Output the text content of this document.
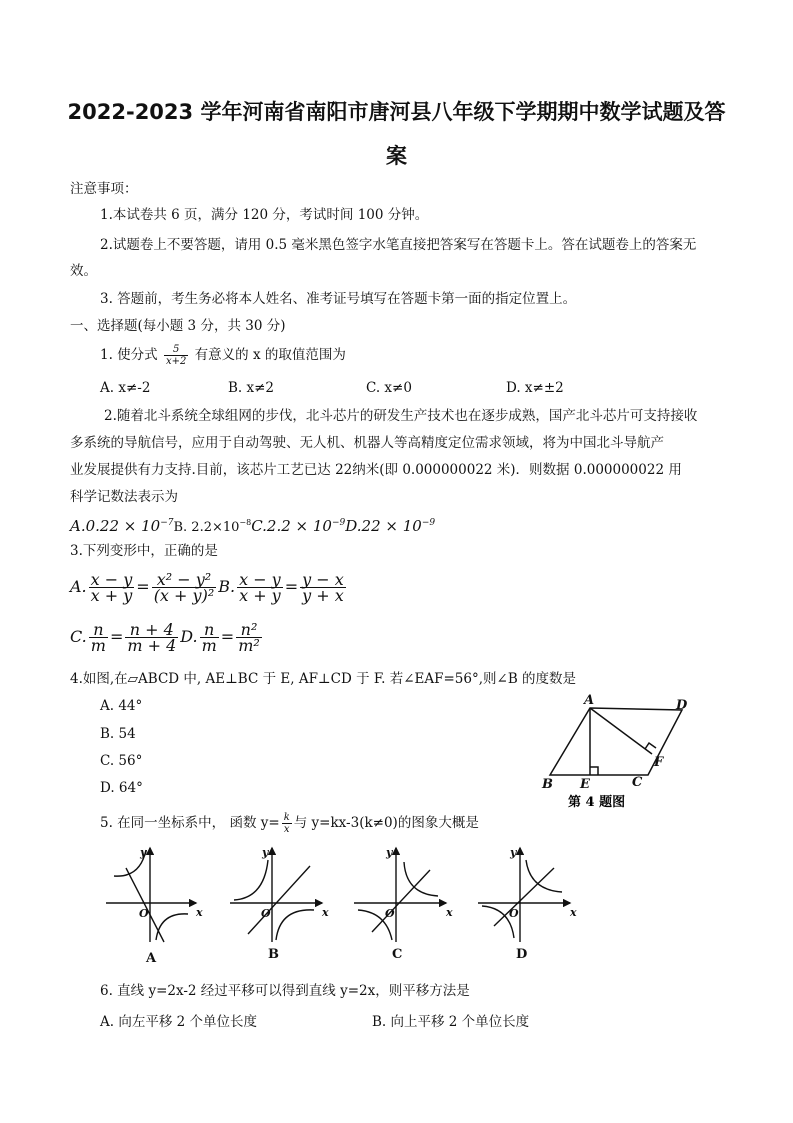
2022-2023 学年河南省南阳市唐河县八年级下学期期中数学试题及答
案
注意事项：
1.本试卷共 6 页，满分 120 分，考试时间 100 分钟。
2.试题卷上不要答题，请用 0.5 毫米黑色签字水笔直接把答案写在答题卡上。答在试题卷上的答案无
效。
3. 答题前，考生务必将本人姓名、准考证号填写在答题卡第一面的指定位置上。
一、选择题(每小题 3 分，共 30 分)
1. 使分式 $\frac{5}{x+2}$ 有意义的 x 的取值范围为
A. x≠-2	B. x≠2	C. x≠0	D. x≠±2
2.随着北斗系统全球组网的步伐，北斗芯片的研发生产技术也在逐步成熟，国产北斗芯片可支持接收
多系统的导航信号，应用于自动驾驶、无人机、机器人等高精度定位需求领域，将为中国北斗导航产
业发展提供有力支持.目前，该芯片工艺已达 22纳米(即 0.000000022 米)．则数据 0.000000022 用
科学记数法表示为
$A.0.22 \times 10^{-7}B$. $2.2\times 10^{-8}C.2.2 \times 10^{-9}D.22 \times 10^{-9}$
3.下列变形中，正确的是
A. $\frac{x - y}{x + y} = \frac{\text{x² − y²}}{\text{(x + y)²}} B$. $\frac{x - y}{x + y} = \frac{y - x}{y + x}$
C. $\frac{n}{m} = \frac{n + 4}{m + 4} D$. $\frac{n}{m} = \frac{\text{n²}}{\text{m²}}$
4.如图,在▱ABCD 中, AE⊥BC 于 E, AF⊥CD 于 F. 若∠EAF=56°,则∠B 的度数是
A. 44°
B. 54
C. 56°
D. 64°
A	D
B E	C
F
第 4 题图
5. 在同一坐标系中， 函数 $y= \frac{k}{x}$ 与 y=kx-3(k≠0)的图象大概是
y
x
O
y
x
O
y
x
O
y
x
O
A	B	C	D
6. 直线 y=2x-2 经过平移可以得到直线 y=2x，则平移方法是
A. 向左平移 2 个单位长度	B. 向上平移 2 个单位长度
